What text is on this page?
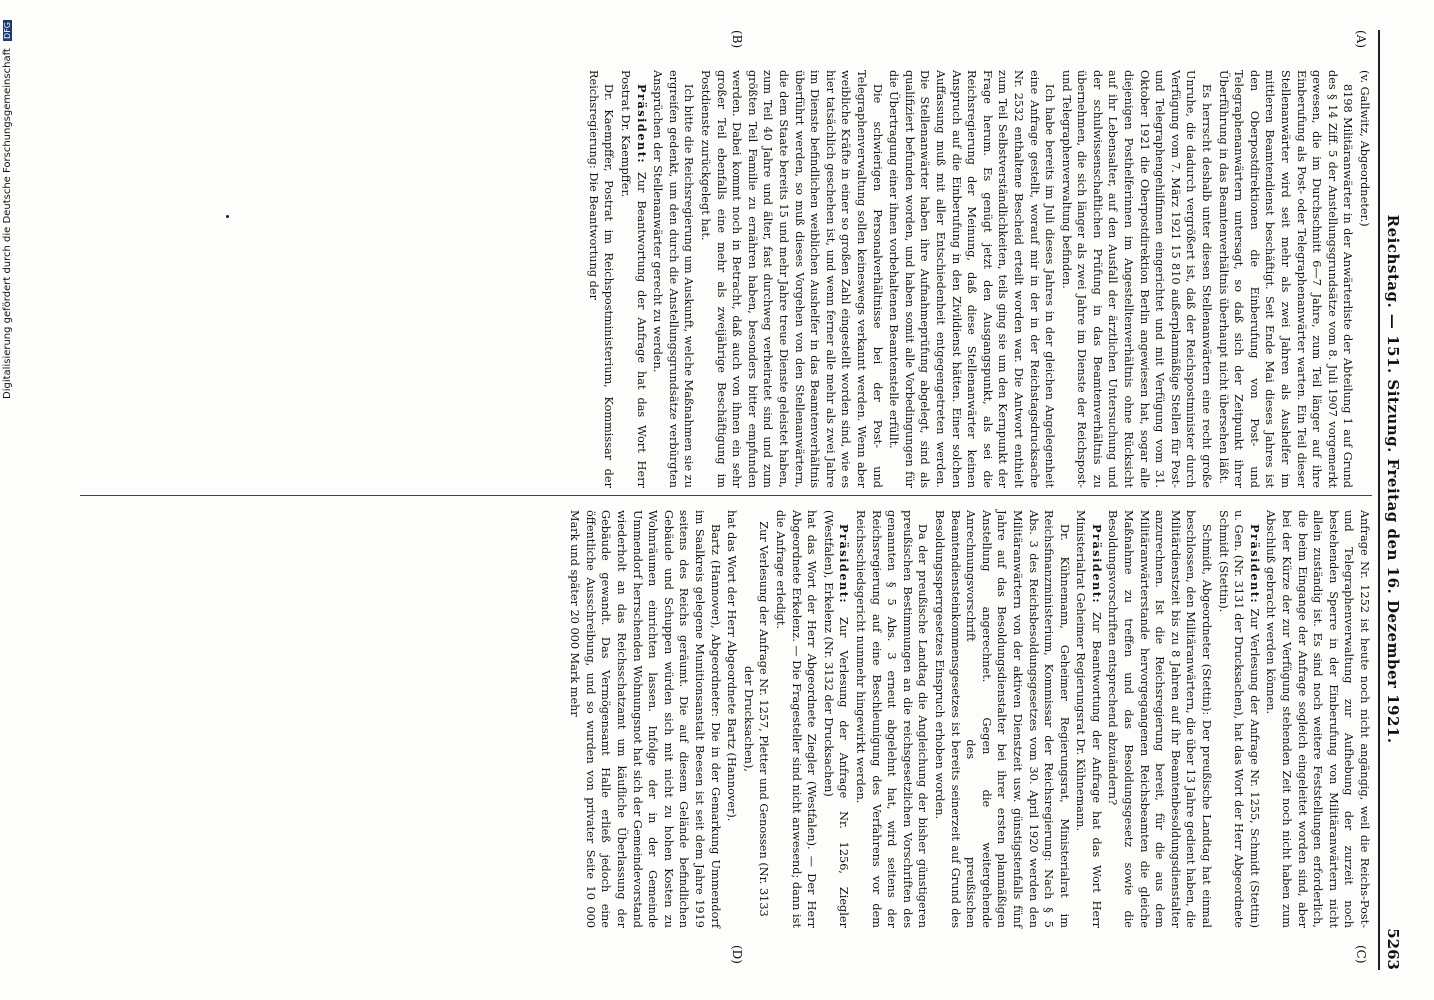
Reichstag. — 151. Sitzung. Freitag den 16. Dezember 1921.
5263
(A)
(B)
(C)
(D)

(v. Gallwitz, Abgeordneter.)

8198 Militäranwärter in der Anwärterliste der Abteilung 1 auf Grund des § 14 Ziff. 5 der Anstellungsgrundsätze vom 8. Juli 1907 vorgemerkt gewesen, die im Durchschnitt 6—7 Jahre, zum Teil länger auf ihre Einberufung als Post- oder Telegraphenanwärter warten. Ein Teil dieser Stellenanwärter wird seit mehr als zwei Jahren als Aushelfer im mittleren Beamtendienst beschäftigt. Seit Ende Mai dieses Jahres ist den Oberpostdirektionen die Einberufung von Post- und Telegraphenanwärtern untersagt, so daß sich der Zeitpunkt ihrer Überführung in das Beamtenverhältnis überhaupt nicht übersehen läßt.

Es herrscht deshalb unter diesen Stellenanwärtern eine recht große Unruhe, die dadurch vergrößert ist, daß der Reichspostminister durch Verfügung vom 7. März 1921 15 810 außerplanmäßige Stellen für Post- und Telegraphengehilfinnen eingerichtet und mit Verfügung vom 31. Oktober 1921 die Oberpostdirektion Berlin angewiesen hat, sogar alle diejenigen Posthelferinnen im Angestelltenverhältnis ohne Rücksicht auf ihr Lebensalter, auf den Ausfall der ärztlichen Untersuchung und der schulwissenschaftlichen Prüfung in das Beamtenverhältnis zu übernehmen, die sich länger als zwei Jahre im Dienste der Reichspost- und Telegraphenverwaltung befinden.

Ich habe bereits im Juli dieses Jahres in der gleichen Angelegenheit eine Anfrage gestellt, worauf mir in der in der Reichstagsdrucksache Nr. 2532 enthaltene Bescheid erteilt worden war. Die Antwort enthielt zum Teil Selbstverständlichkeiten, teils ging sie um den Kernpunkt der Frage herum. Es genügt jetzt den Ausgangspunkt, als sei die Reichsregierung der Meinung, daß diese Stellenanwärter keinen Anspruch auf die Einberufung in den Zivildienst hätten. Einer solchen Auffassung muß mit aller Entschiedenheit entgegengetreten werden. Die Stellenanwärter haben ihre Aufnahmeprüfung abgelegt, sind als qualifiziert befunden worden, und haben somit alle Vorbedingungen für die Übertragung einer ihnen vorbehaltenen Beamtenstelle erfüllt.

Die schwierigen Personalverhältnisse bei der Post- und Telegraphenverwaltung sollen keineswegs verkannt werden. Wenn aber weibliche Kräfte in einer so großen Zahl eingestellt worden sind, wie es hier tatsächlich geschehen ist, und wenn ferner alle mehr als zwei Jahre im Dienste befindlichen weiblichen Aushelfer in das Beamtenverhältnis überführt werden, so muß dieses Vorgehen von den Stellenanwärtern, die dem Staate bereits 15 und mehr Jahre treue Dienste geleistet haben, zum Teil 40 Jahre und älter, fast durchweg verheiratet sind und zum größten Teil Familie zu ernähren haben, besonders bitter empfunden werden. Dabei kommt noch in Betracht, daß auch von ihnen ein sehr großer Teil ebenfalls eine mehr als zweijährige Beschäftigung im Postdienste zurückgelegt hat.

Ich bitte die Reichsregierung um Auskunft, welche Maßnahmen sie zu ergreifen gedenkt, um den durch die Anstellungsgrundsätze verbürgten Ansprüchen der Stellenanwärter gerecht zu werden.

Präsident: Zur Beantwortung der Anfrage hat das Wort Herr Postrat Dr. Kaempffer.

Dr. Kaempffer, Postrat im Reichspostministerium, Kommissar der Reichsregierung: Die Beantwortung der

Anfrage Nr. 1252 ist heute noch nicht angängig, weil die Reichs-Post- und Telegraphenverwaltung zur Aufhebung der zurzeit noch bestehenden Sperre in der Einberufung von Militäranwärtern nicht allein zuständig ist. Es sind noch weitere Feststellungen erforderlich, die beim Eingange der Anfrage sogleich eingeleitet worden sind, aber bei der Kürze der zur Verfügung stehenden Zeit noch nicht haben zum Abschluß gebracht werden können.

Präsident: Zur Verlesung der Anfrage Nr. 1255, Schmidt (Stettin) u. Gen. (Nr. 3131 der Drucksachen), hat das Wort der Herr Abgeordnete Schmidt (Stettin).

Schmidt, Abgeordneter (Stettin): Der preußische Landtag hat einmal beschlossen, den Militäranwärtern, die über 13 Jahre gedient haben, die Militärdienstzeit bis zu 8 Jahren auf ihr Beamtenbesoldungsdienstalter anzurechnen. Ist die Reichsregierung bereit, für die aus dem Militäranwärterstande hervorgegangenen Reichsbeamten die gleiche Maßnahme zu treffen und das Besoldungsgesetz sowie die Besoldungsvorschriften entsprechend abzuändern?

Präsident: Zur Beantwortung der Anfrage hat das Wort Herr Ministerialrat Geheimer Regierungsrat Dr. Kühnemann.

Dr. Kühnemann, Geheimer Regierungsrat, Ministerialrat im Reichsfinanzministerium, Kommissar der Reichsregierung: Nach § 5 Abs. 3 des Reichsbesoldungsgesetzes vom 30. April 1920 werden den Militäranwärtern von der aktiven Dienstzeit usw. günstigstenfalls fünf Jahre auf das Besoldungsdienstalter bei ihrer ersten planmäßigen Anstellung angerechnet. Gegen die weitergehende Anrechnungsvorschrift des preußischen Beamtendiensteinkommensgesetzes ist bereits seinerzeit auf Grund des Besoldungssperrgesetzes Einspruch erhoben worden.

Da der preußische Landtag die Angleichung der bisher günstigeren preußischen Bestimmungen an die reichsgesetzlichen Vorschriften des genannten § 5 Abs. 3 erneut abgelehnt hat, wird seitens der Reichsregierung auf eine Beschleunigung des Verfahrens vor dem Reichsschiedsgericht nunmehr hingewirkt werden.

Präsident: Zur Verlesung der Anfrage Nr. 1256, Ziegler (Westfalen), Erkelenz (Nr. 3132 der Drucksachen)

hat das Wort der Herr Abgeordnete Ziegler (Westfalen). — Der Herr Abgeordnete Erkelenz. — Die Fragesteller sind nicht anwesend; dann ist die Anfrage erledigt.

Zur Verlesung der Anfrage Nr. 1257, Pletter und Genossen (Nr. 3133 der Drucksachen),

hat das Wort der Herr Abgeordnete Bartz (Hannover).

Bartz (Hannover), Abgeordneter: Die in der Gemarkung Ummendorf im Saalkreis gelegene Munitionsanstalt Beesen ist seit dem Jahre 1919 seitens des Reichs geräumt. Die auf diesem Gelände befindlichen Gebäude und Schuppen würden sich mit nicht zu hohen Kosten zu Wohnräumen einrichten lassen. Infolge der in der Gemeinde Ummendorf herrschenden Wohnungsnot hat sich der Gemeindevorstand wiederholt an das Reichsschatzamt um käufliche Überlassung der Gebäude gewandt. Das Vermögensamt Halle erließ jedoch eine öffentliche Ausschreibung, und so wurden von privater Seite 10 000 Mark und später 20 000 Mark mehr

Digitalisierung gefördert durch die Deutsche Forschungsgemeinschaft DFG
